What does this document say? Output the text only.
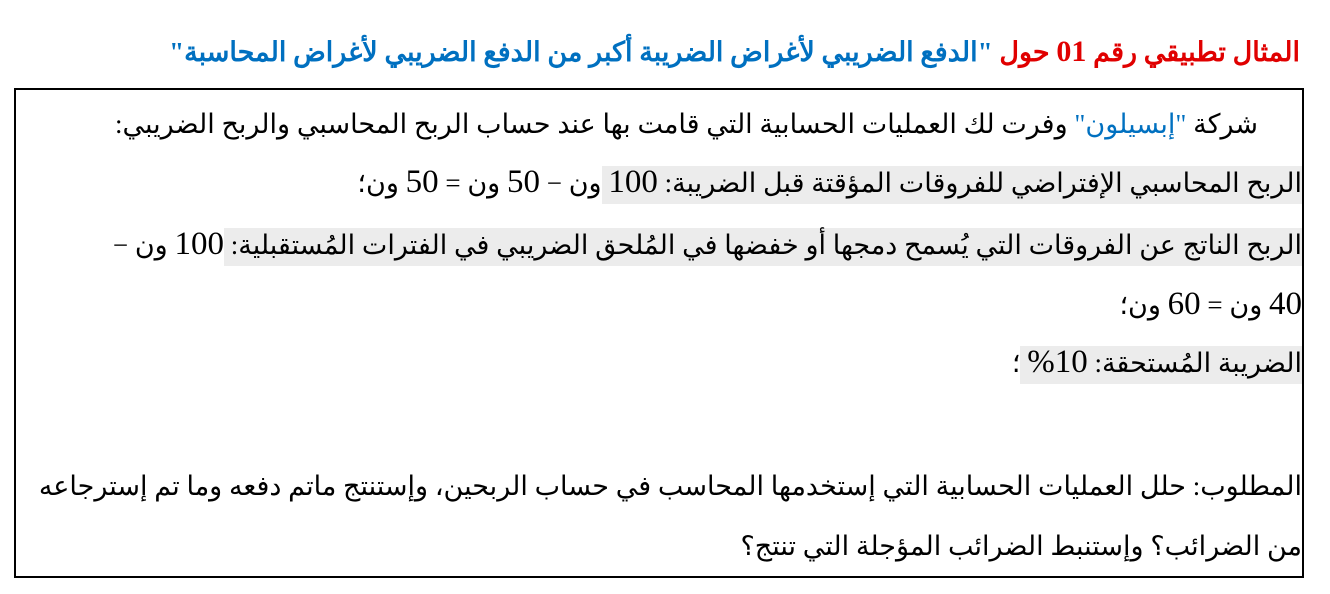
المثال تطبيقي رقم 01 حول "الدفع الضريبي لأغراض الضريبة أكبر من الدفع الضريبي لأغراض المحاسبة"
شركة "إبسيلون" وفرت لك العمليات الحسابية التي قامت بها عند حساب الربح المحاسبي والربح الضريبي:
الربح المحاسبي الإفتراضي للفروقات المؤقتة قبل الضريبة: 100 ون − 50 ون = 50 ون؛
الربح الناتج عن الفروقات التي يُسمح دمجها أو خفضها في المُلحق الضريبي في الفترات المُستقبلية: 100 ون −
40 ون = 60 ون؛
الضريبة المُستحقة: 10% ؛
المطلوب: حلل العمليات الحسابية التي إستخدمها المحاسب في حساب الربحين، وإستنتج ماتم دفعه وما تم إسترجاعه
من الضرائب؟ وإستنبط الضرائب المؤجلة التي تنتج؟
